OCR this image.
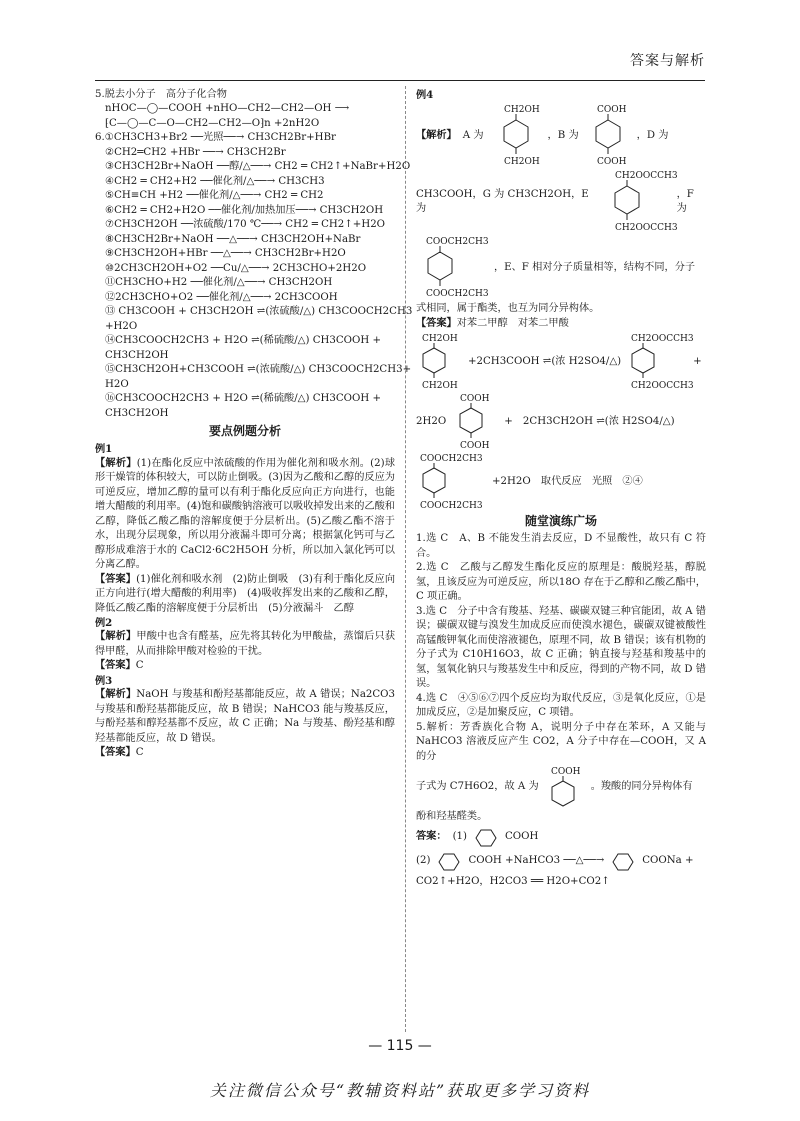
答案与解析
5.脱去小分子　高分子化合物
nHOC—◯—COOH +nHO—CH2—CH2—OH ⟶
⁅C—◯—C—O—CH2—CH2—O⁆n +2nH2O
6.①CH3CH3+Br2 ──光照──→ CH3CH2Br+HBr
②CH2═CH2 +HBr ──→ CH3CH2Br
③CH3CH2Br+NaOH ──醇/△──→ CH2 ═ CH2↑+NaBr+H2O
④CH2 ═ CH2+H2 ──催化剂/△──→ CH3CH3
⑤CH≡CH +H2 ──催化剂/△──→ CH2 ═ CH2
⑥CH2 ═ CH2+H2O ──催化剂/加热加压──→ CH3CH2OH
⑦CH3CH2OH ──浓硫酸/170 ℃──→ CH2 ═ CH2↑+H2O
⑧CH3CH2Br+NaOH ──△──→ CH3CH2OH+NaBr
⑨CH3CH2OH+HBr ──△──→ CH3CH2Br+H2O
⑩2CH3CH2OH+O2 ──Cu/△──→ 2CH3CHO+2H2O
⑪CH3CHO+H2 ──催化剂/△──→ CH3CH2OH
⑫2CH3CHO+O2 ──催化剂/△──→ 2CH3COOH
⑬ CH3COOH + CH3CH2OH ⇌(浓硫酸/△) CH3COOCH2CH3
+H2O
⑭CH3COOCH2CH3 + H2O ⇌(稀硫酸/△) CH3COOH +
CH3CH2OH
⑮CH3CH2OH+CH3COOH ⇌(浓硫酸/△) CH3COOCH2CH3+
H2O
⑯CH3COOCH2CH3 + H2O ⇌(稀硫酸/△) CH3COOH +
CH3CH2OH
要点例题分析
例1
【解析】(1)在酯化反应中浓硫酸的作用为催化剂和吸水剂。(2)球形干燥管的体积较大，可以防止倒吸。(3)因为乙酸和乙醇的反应为可逆反应，增加乙醇的量可以有利于酯化反应向正方向进行，也能增大醋酸的利用率。(4)饱和碳酸钠溶液可以吸收掉发出来的乙酸和乙醇，降低乙酸乙酯的溶解度便于分层析出。(5)乙酸乙酯不溶于水，出现分层现象，所以用分液漏斗即可分离；根据氯化钙可与乙醇形成难溶于水的 CaCl2·6C2H5OH 分析，所以加入氯化钙可以分离乙醇。
【答案】(1)催化剂和吸水剂　(2)防止倒吸　(3)有利于酯化反应向正方向进行(增大醋酸的利用率)　(4)吸收挥发出来的乙酸和乙醇，降低乙酸乙酯的溶解度便于分层析出　(5)分液漏斗　乙醇
例2
【解析】甲酸中也含有醛基，应先将其转化为甲酸盐，蒸馏后只获得甲醛，从而排除甲酸对检验的干扰。
【答案】C
例3
【解析】NaOH 与羧基和酚羟基都能反应，故 A 错误；Na2CO3 与羧基和酚羟基都能反应，故 B 错误；NaHCO3 能与羧基反应，与酚羟基和醇羟基都不反应，故 C 正确；Na 与羧基、酚羟基和醇羟基都能反应，故 D 错误。
【答案】C
例4
【解析】 A 为
CH2OH
CH2OH
，B 为
COOH
COOH
，D 为
CH3COOH，G 为 CH3CH2OH，E 为
CH2OOCCH3
CH2OOCCH3
，F 为
COOCH2CH3
COOCH2CH3
，E、F 相对分子质量相等，结构不同，分子
式相同，属于酯类，也互为同分异构体。
【答案】对苯二甲醇　对苯二甲酸
CH2OH
CH2OH
+2CH3COOH ⇌(浓 H2SO4/△)
CH2OOCCH3
CH2OOCCH3
+
2H2O
COOH
COOH
+　2CH3CH2OH ⇌(浓 H2SO4/△)
COOCH2CH3
COOCH2CH3
+2H2O　取代反应　光照　②④
随堂演练广场
1.选 C　A、B 不能发生消去反应，D 不显酸性，故只有 C 符合。
2.选 C　乙酸与乙醇发生酯化反应的原理是：酸脱羟基，醇脱氢，且该反应为可逆反应，所以18O 存在于乙醇和乙酸乙酯中，C 项正确。
3.选 C　分子中含有羧基、羟基、碳碳双键三种官能团，故 A 错误；碳碳双键与溴发生加成反应而使溴水褪色，碳碳双键被酸性高锰酸钾氧化而使溶液褪色，原理不同，故 B 错误；该有机物的分子式为 C10H16O3，故 C 正确；钠直接与羟基和羧基中的氢，氢氧化钠只与羧基发生中和反应，得到的产物不同，故 D 错误。
4.选 C　④⑤⑥⑦四个反应均为取代反应，③是氧化反应，①是加成反应，②是加聚反应，C 项错。
5.解析：芳香族化合物 A，说明分子中存在苯环，A 又能与 NaHCO3 溶液反应产生 CO2，A 分子中存在—COOH，又 A 的分
子式为 C7H6O2，故 A 为
COOH
。羧酸的同分异构体有
酚和羟基醛类。
答案： (1)	COOH
(2)	COOH +NaHCO3 ──△──→	COONa +
CO2↑+H2O，H2CO3 ══ H2O+CO2↑
— 115 —
关注微信公众号“教辅资料站”获取更多学习资料
